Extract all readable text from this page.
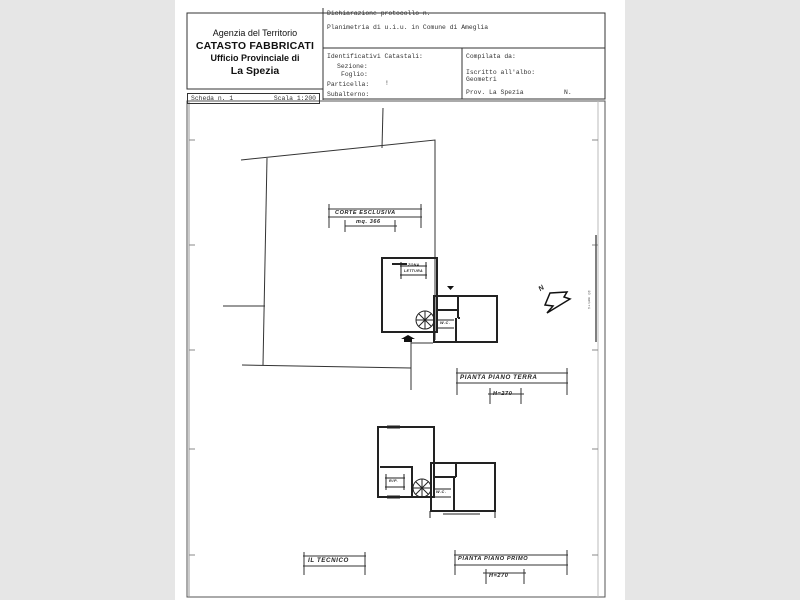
Agenzia del Territorio
CATASTO FABBRICATI
Ufficio Provinciale di
La Spezia
Dichiarazione protocollo n.
Planimetria di u.i.u. in Comune di Ameglia
Identificativi Catastali:
Sezione:
Foglio:
Particella: !
Subalterno:
Compilata da:
Iscritto all'albo:
Geometri
Prov. La Spezia	N.
Scheda n. 1	Scala 1:200
CORTE ESCLUSIVA
mq. 366
ZONA
LETTURA
W.C.
PIANTA PIANO TERRA
H=270
RIP.
W.C.
IL TECNICO	PIANTA PIANO PRIMO
H=270
N
10 metri
